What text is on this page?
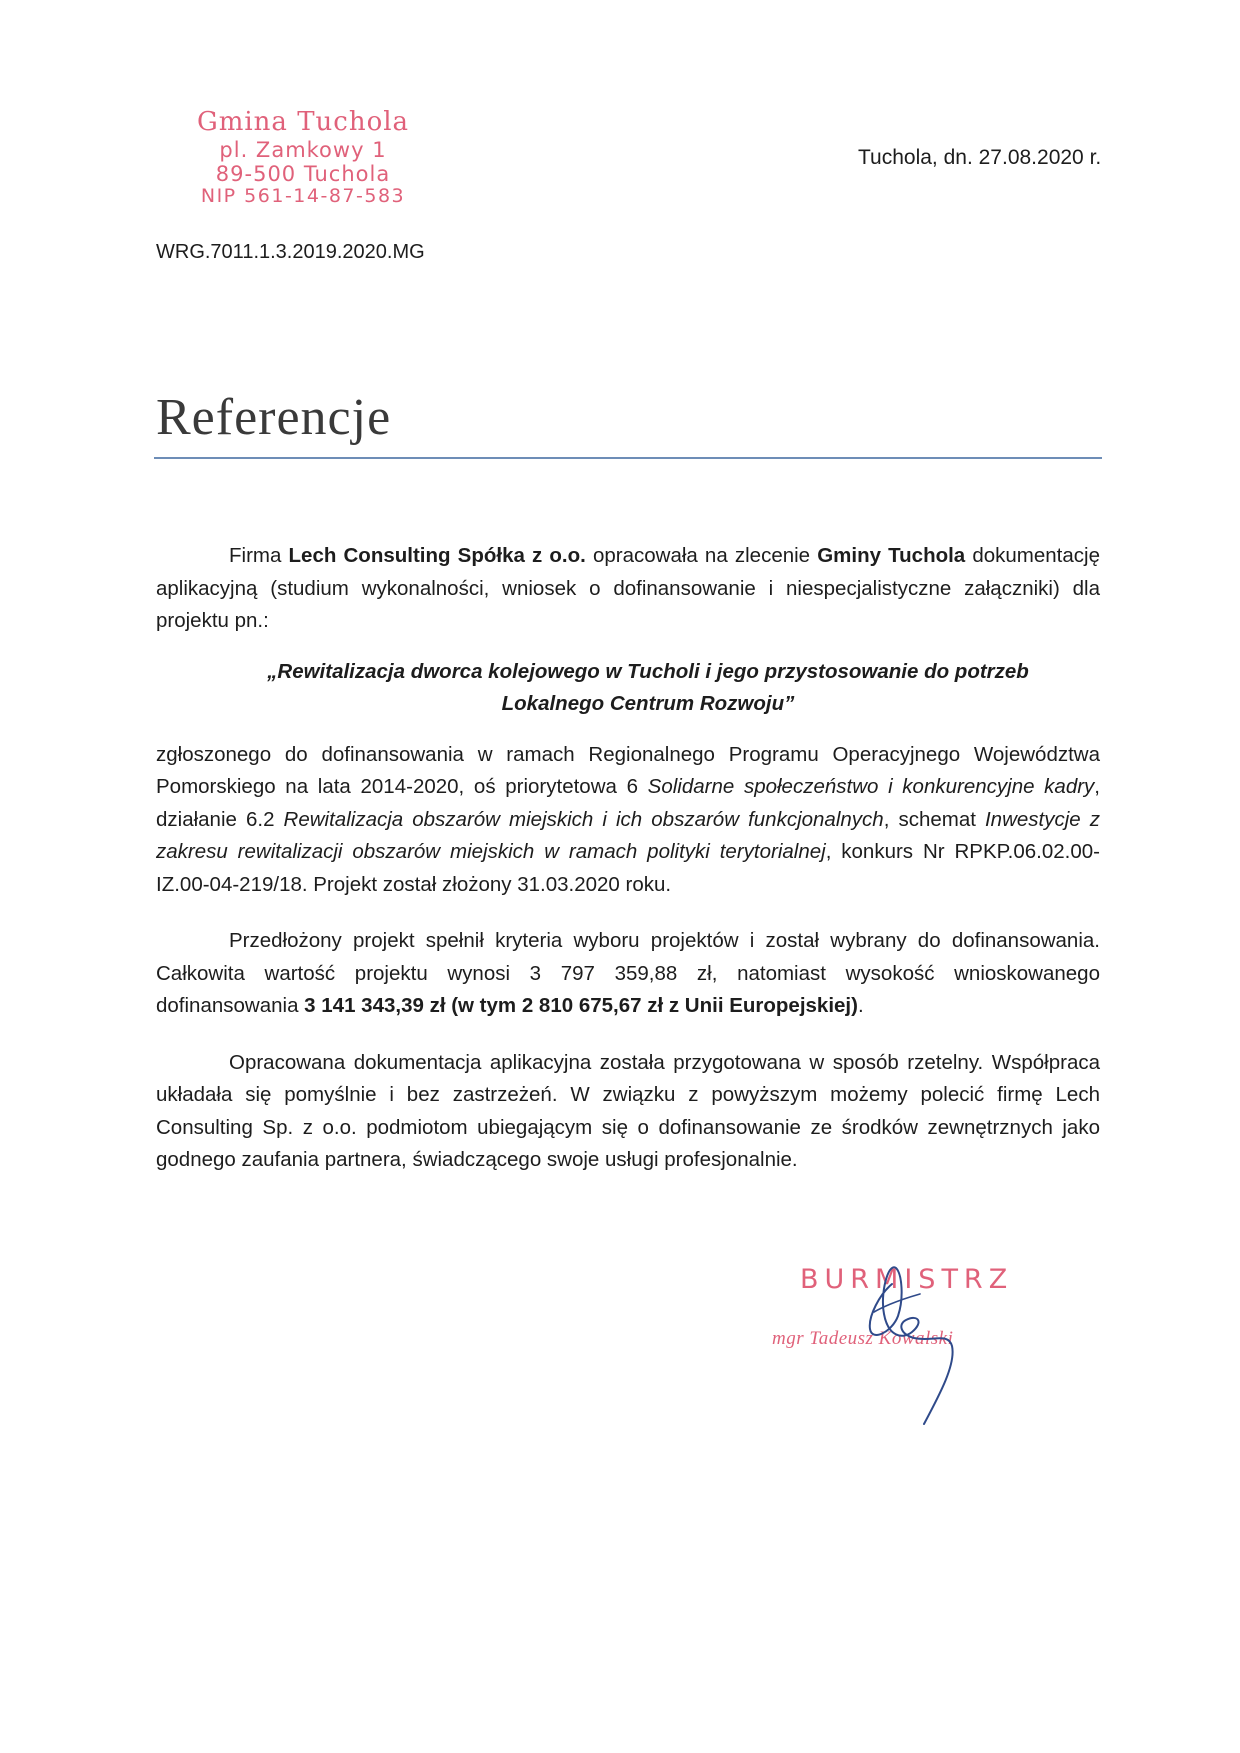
Gmina Tuchola
pl. Zamkowy 1
89-500 Tuchola
NIP 561-14-87-583
Tuchola, dn. 27.08.2020 r.
WRG.7011.1.3.2019.2020.MG
Referencje

Firma Lech Consulting Spółka z o.o. opracowała na zlecenie Gminy Tuchola dokumentację aplikacyjną (studium wykonalności, wniosek o dofinansowanie i niespecjalistyczne załączniki) dla projektu pn.:

„Rewitalizacja dworca kolejowego w Tucholi i jego przystosowanie do potrzeb Lokalnego Centrum Rozwoju”

zgłoszonego do dofinansowania w ramach Regionalnego Programu Operacyjnego Województwa Pomorskiego na lata 2014-2020, oś priorytetowa 6 Solidarne społeczeństwo i konkurencyjne kadry, działanie 6.2 Rewitalizacja obszarów miejskich i ich obszarów funkcjonalnych, schemat Inwestycje z zakresu rewitalizacji obszarów miejskich w ramach polityki terytorialnej, konkurs Nr RPKP.06.02.00-IZ.00-04-219/18. Projekt został złożony 31.03.2020 roku.

Przedłożony projekt spełnił kryteria wyboru projektów i został wybrany do dofinansowania. Całkowita wartość projektu wynosi 3 797 359,88 zł, natomiast wysokość wnioskowanego dofinansowania 3 141 343,39 zł (w tym 2 810 675,67 zł z Unii Europejskiej).

Opracowana dokumentacja aplikacyjna została przygotowana w sposób rzetelny. Współpraca układała się pomyślnie i bez zastrzeżeń. W związku z powyższym możemy polecić firmę Lech Consulting Sp. z o.o. podmiotom ubiegającym się o dofinansowanie ze środków zewnętrznych jako godnego zaufania partnera, świadczącego swoje usługi profesjonalnie.

BURMISTRZ
mgr Tadeusz Kowalski
